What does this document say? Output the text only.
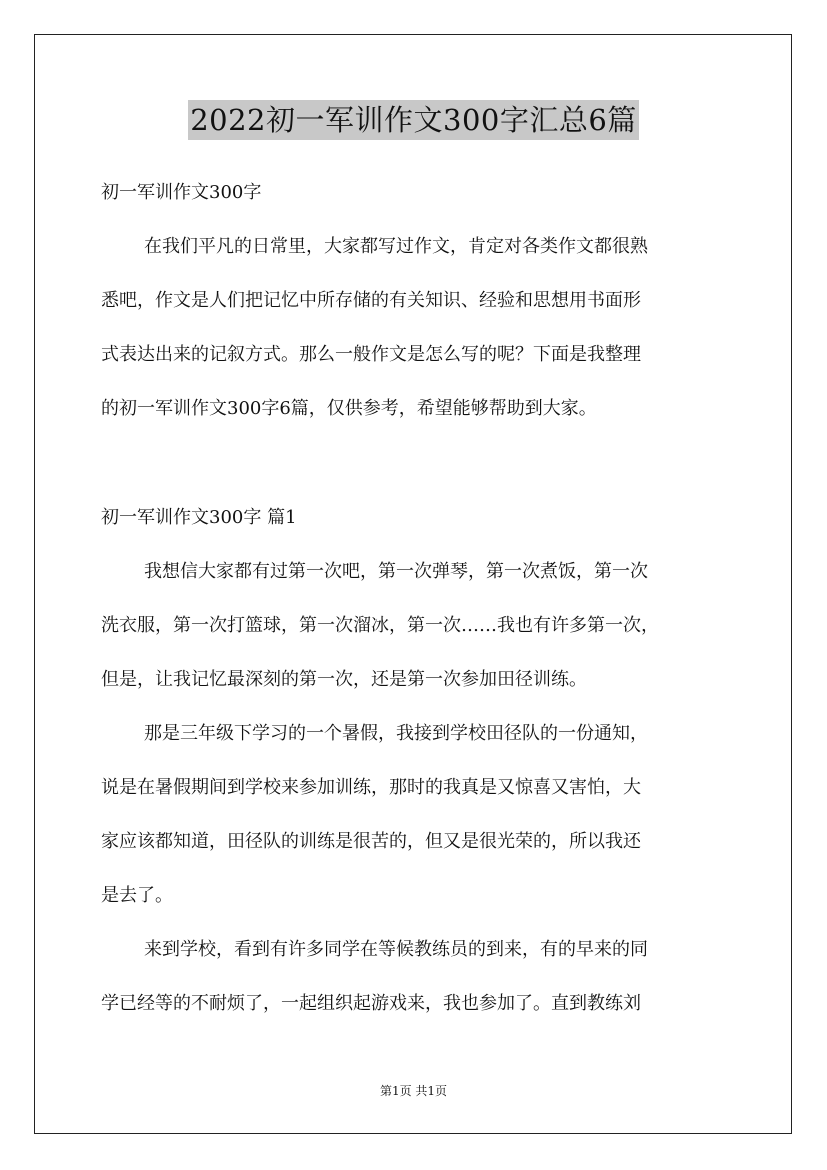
2022初一军训作文300字汇总6篇
初一军训作文300字
在我们平凡的日常里，大家都写过作文，肯定对各类作文都很熟
悉吧，作文是人们把记忆中所存储的有关知识、经验和思想用书面形
式表达出来的记叙方式。那么一般作文是怎么写的呢？下面是我整理
的初一军训作文300字6篇，仅供参考，希望能够帮助到大家。
初一军训作文300字 篇1
我想信大家都有过第一次吧，第一次弹琴，第一次煮饭，第一次
洗衣服，第一次打篮球，第一次溜冰，第一次……我也有许多第一次，
但是，让我记忆最深刻的第一次，还是第一次参加田径训练。
那是三年级下学习的一个暑假，我接到学校田径队的一份通知，
说是在暑假期间到学校来参加训练，那时的我真是又惊喜又害怕，大
家应该都知道，田径队的训练是很苦的，但又是很光荣的，所以我还
是去了。
来到学校，看到有许多同学在等候教练员的到来，有的早来的同
学已经等的不耐烦了，一起组织起游戏来，我也参加了。直到教练刘
第1页 共1页
